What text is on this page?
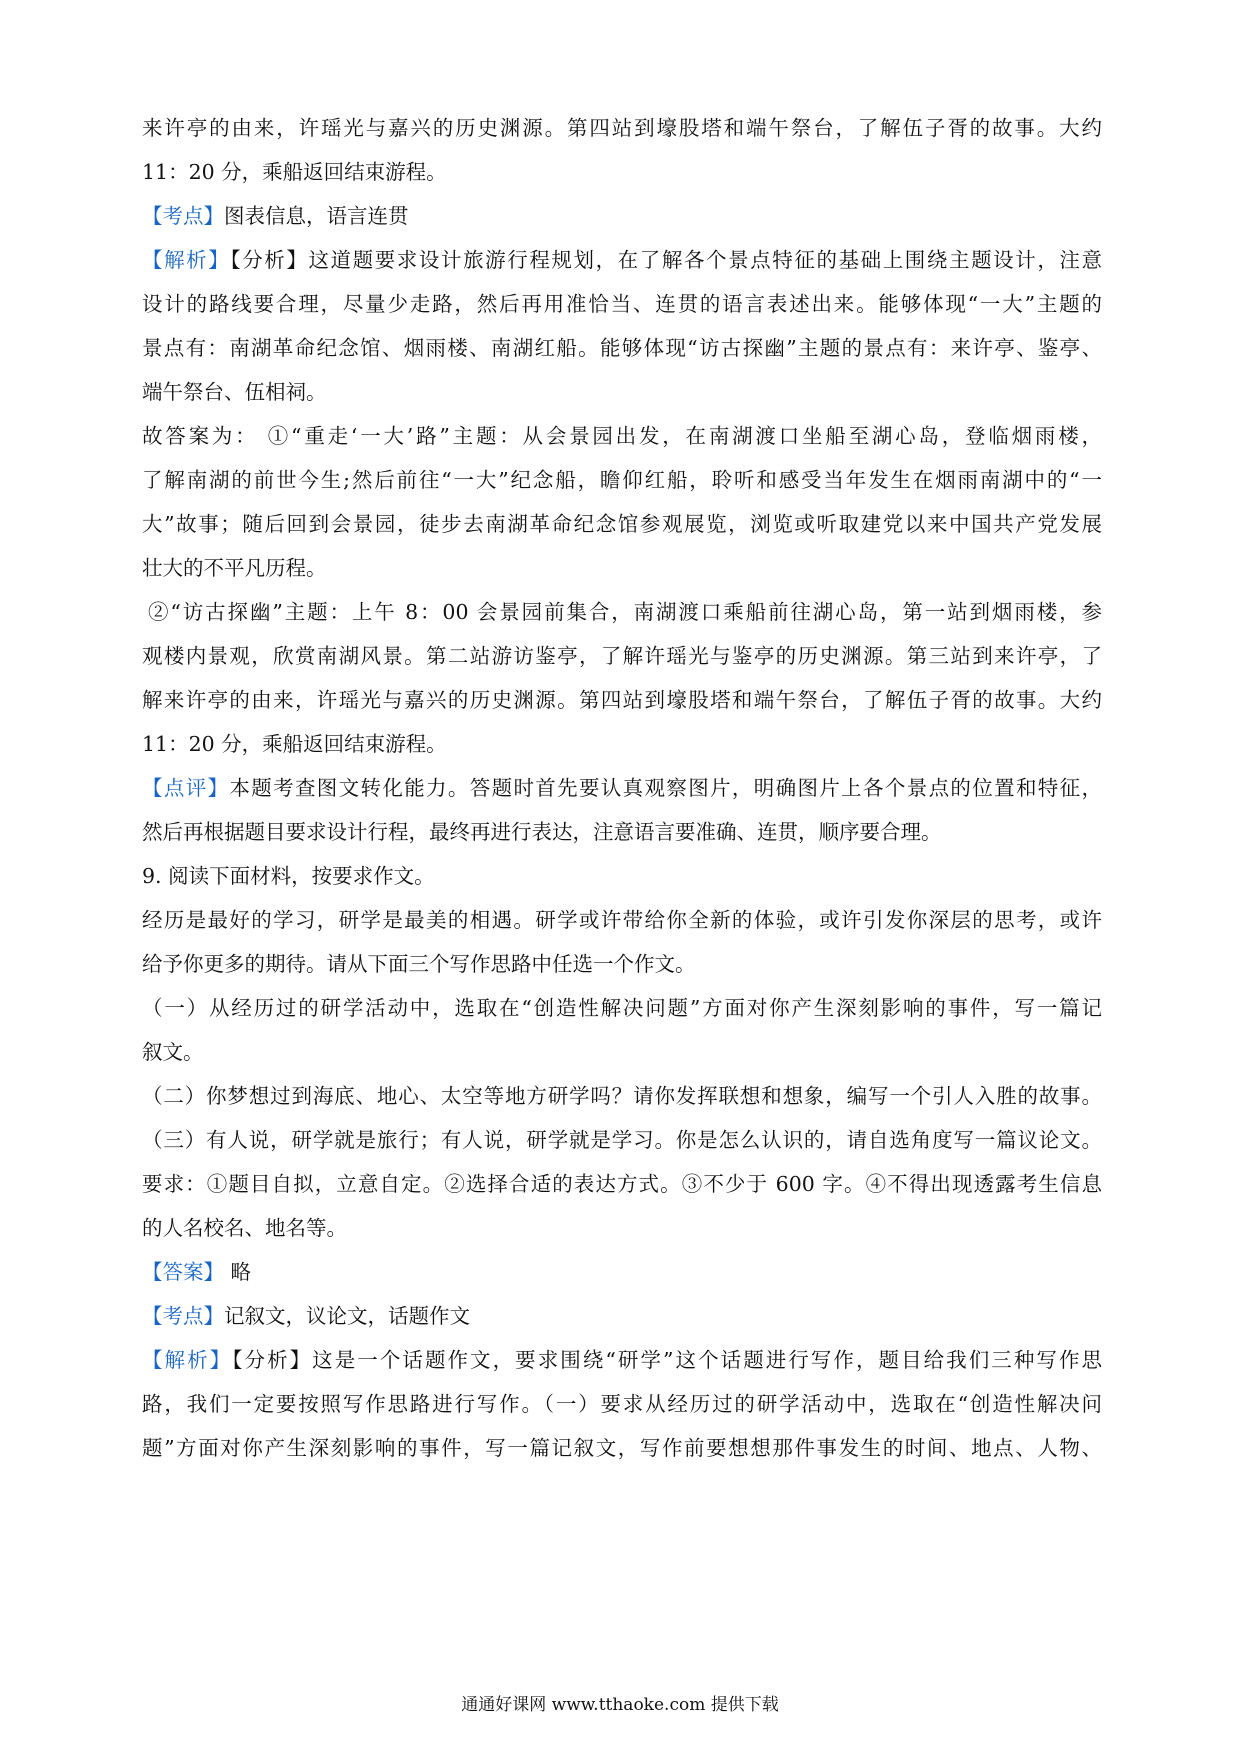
来许亭的由来，许瑶光与嘉兴的历史渊源。第四站到壕股塔和端午祭台，了解伍子胥的故事。大约
11：20 分，乘船返回结束游程。
【考点】图表信息，语言连贯
【解析】【分析】这道题要求设计旅游行程规划，在了解各个景点特征的基础上围绕主题设计，注意
设计的路线要合理，尽量少走路，然后再用准恰当、连贯的语言表述出来。能够体现“一大”主题的
景点有：南湖革命纪念馆、烟雨楼、南湖红船。能够体现“访古探幽”主题的景点有：来许亭、鉴亭、
端午祭台、伍相祠。
故答案为： ①“重走‘一大’路”主题：从会景园出发，在南湖渡口坐船至湖心岛，登临烟雨楼，
了解南湖的前世今生;然后前往“一大”纪念船，瞻仰红船，聆听和感受当年发生在烟雨南湖中的“一
大”故事；随后回到会景园，徒步去南湖革命纪念馆参观展览，浏览或听取建党以来中国共产党发展
壮大的不平凡历程。
②“访古探幽”主题：上午 8：00 会景园前集合，南湖渡口乘船前往湖心岛，第一站到烟雨楼，参
观楼内景观，欣赏南湖风景。第二站游访鉴亭，了解许瑶光与鉴亭的历史渊源。第三站到来许亭，了
解来许亭的由来，许瑶光与嘉兴的历史渊源。第四站到壕股塔和端午祭台，了解伍子胥的故事。大约
11：20 分，乘船返回结束游程。
【点评】本题考查图文转化能力。答题时首先要认真观察图片，明确图片上各个景点的位置和特征，
然后再根据题目要求设计行程，最终再进行表达，注意语言要准确、连贯，顺序要合理。
9. 阅读下面材料，按要求作文。
经历是最好的学习，研学是最美的相遇。研学或许带给你全新的体验，或许引发你深层的思考，或许
给予你更多的期待。请从下面三个写作思路中任选一个作文。
（一）从经历过的研学活动中，选取在“创造性解决问题”方面对你产生深刻影响的事件，写一篇记
叙文。
（二）你梦想过到海底、地心、太空等地方研学吗？请你发挥联想和想象，编写一个引人入胜的故事。
（三）有人说，研学就是旅行；有人说，研学就是学习。你是怎么认识的，请自选角度写一篇议论文。
要求：①题目自拟，立意自定。②选择合适的表达方式。③不少于 600 字。④不得出现透露考生信息
的人名校名、地名等。
【答案】 略
【考点】记叙文，议论文，话题作文
【解析】【分析】这是一个话题作文，要求围绕“研学”这个话题进行写作，题目给我们三种写作思
路，我们一定要按照写作思路进行写作。（一）要求从经历过的研学活动中，选取在“创造性解决问
题”方面对你产生深刻影响的事件，写一篇记叙文，写作前要想想那件事发生的时间、地点、人物、
通通好课网 www.tthaoke.com 提供下载
